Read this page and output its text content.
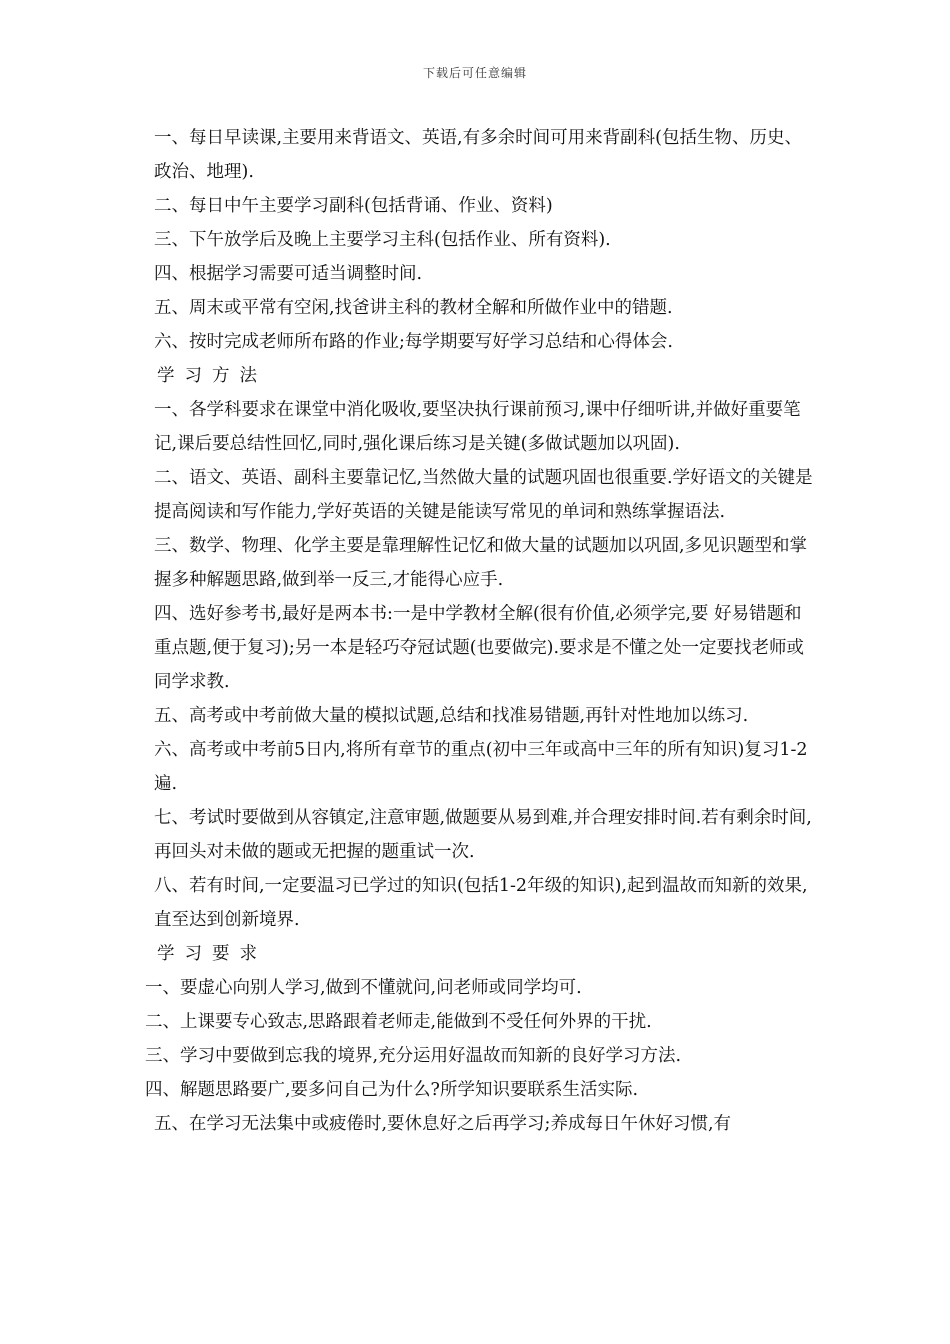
下载后可任意编辑

一、每日早读课,主要用来背语文、英语,有多余时间可用来背副科(包括生物、历史、政治、地理).

二、每日中午主要学习副科(包括背诵、作业、资料)

三、下午放学后及晚上主要学习主科(包括作业、所有资料).

四、根据学习需要可适当调整时间.

五、周末或平常有空闲,找爸讲主科的教材全解和所做作业中的错题.

六、按时完成老师所布路的作业;每学期要写好学习总结和心得体会.

学习方法

一、各学科要求在课堂中消化吸收,要坚决执行课前预习,课中仔细听讲,并做好重要笔记,课后要总结性回忆,同时,强化课后练习是关键(多做试题加以巩固).

二、语文、英语、副科主要靠记忆,当然做大量的试题巩固也很重要.学好语文的关键是提高阅读和写作能力,学好英语的关键是能读写常见的单词和熟练掌握语法.

三、数学、物理、化学主要是靠理解性记忆和做大量的试题加以巩固,多见识题型和掌握多种解题思路,做到举一反三,才能得心应手.

四、选好参考书,最好是两本书:一是中学教材全解(很有价值,必须学完,要 好易错题和重点题,便于复习);另一本是轻巧夺冠试题(也要做完).要求是不懂之处一定要找老师或同学求教.

五、高考或中考前做大量的模拟试题,总结和找准易错题,再针对性地加以练习.

六、高考或中考前5日内,将所有章节的重点(初中三年或高中三年的所有知识)复习1-2遍.

七、考试时要做到从容镇定,注意审题,做题要从易到难,并合理安排时间.若有剩余时间,再回头对未做的题或无把握的题重试一次.

八、若有时间,一定要温习已学过的知识(包括1-2年级的知识),起到温故而知新的效果,直至达到创新境界.

学习要求

一、要虚心向别人学习,做到不懂就问,问老师或同学均可.

二、上课要专心致志,思路跟着老师走,能做到不受任何外界的干扰.

三、学习中要做到忘我的境界,充分运用好温故而知新的良好学习方法.

四、解题思路要广,要多问自己为什么?所学知识要联系生活实际.

五、在学习无法集中或疲倦时,要休息好之后再学习;养成每日午休好习惯,有
